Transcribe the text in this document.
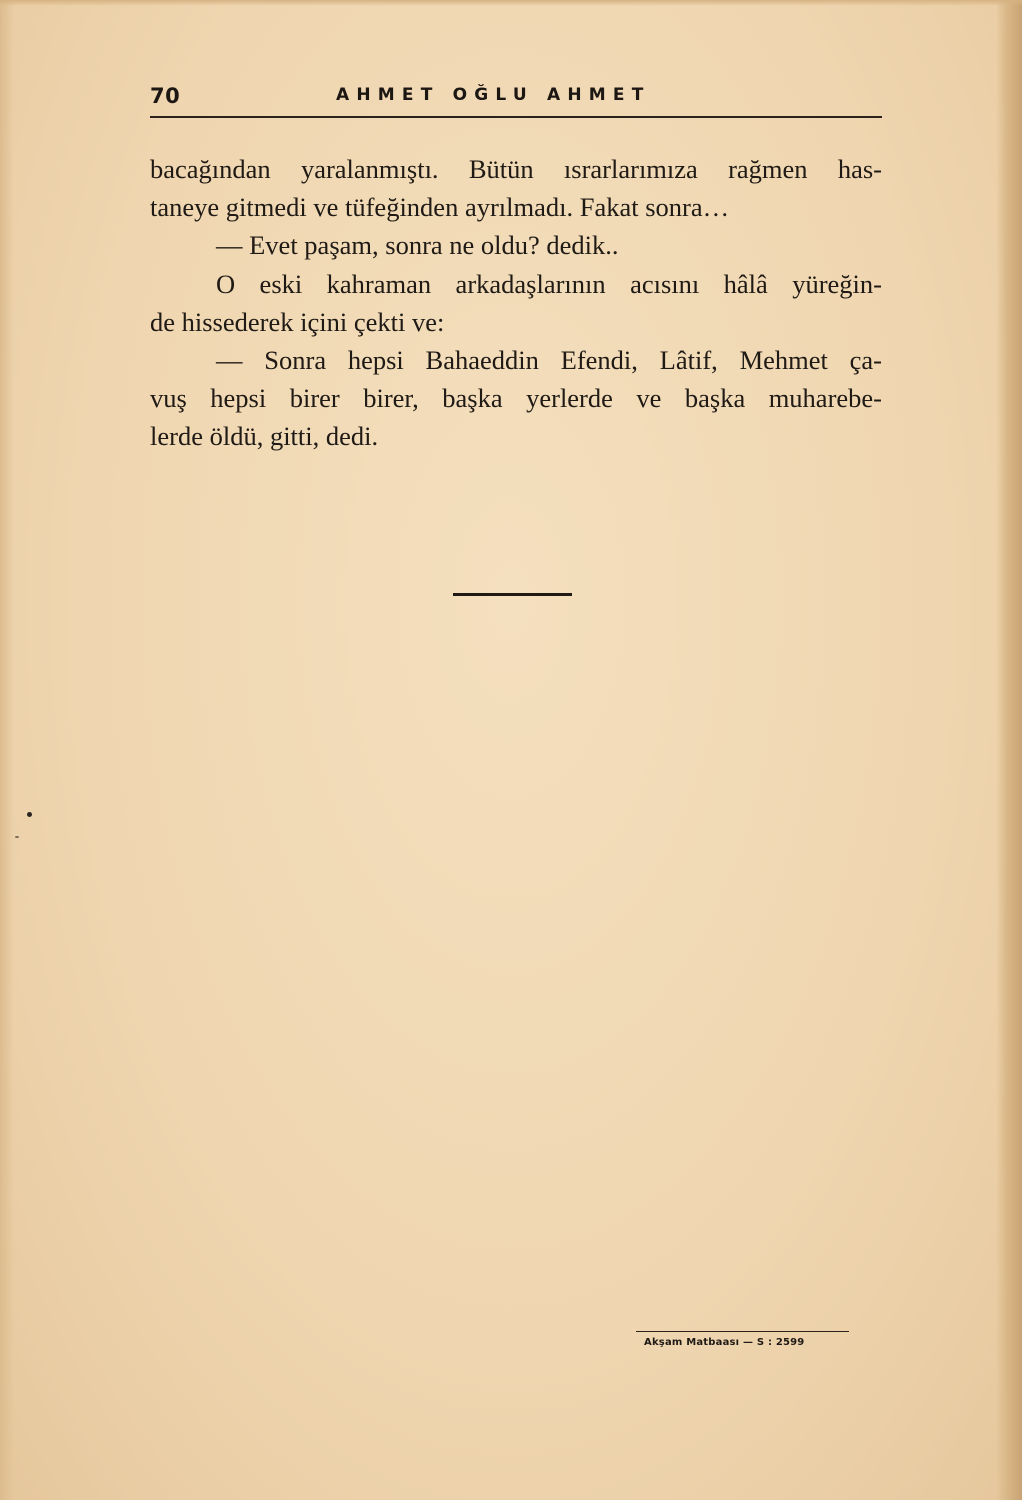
70	AHMET OĞLU AHMET
bacağından yaralanmıştı. Bütün ısrarlarımıza rağmen has-
taneye gitmedi ve tüfeğinden ayrılmadı. Fakat sonra…
— Evet paşam, sonra ne oldu? dedik..
O eski kahraman arkadaşlarının acısını hâlâ yüreğin-
de hissederek içini çekti ve:
— Sonra hepsi Bahaeddin Efendi, Lâtif, Mehmet ça-
vuş hepsi birer birer, başka yerlerde ve başka muharebe-
lerde öldü, gitti, dedi.
Akşam Matbaası — S : 2599
